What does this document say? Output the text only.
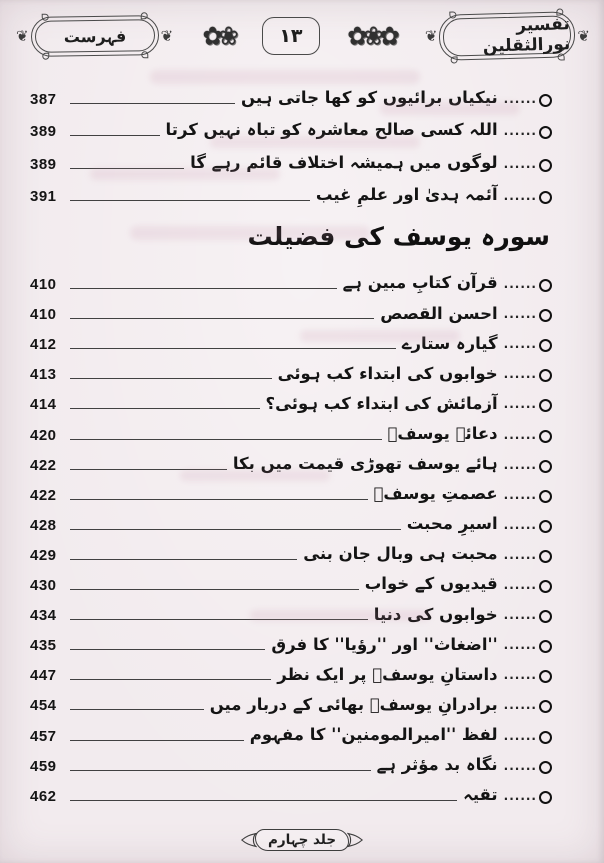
❦	فہرست	❦ ✿❀ ۱۳ ✿❀✿ ❦	تفسیر نورالثقلین ❦
387	نیکیاں برائیوں کو کھا جاتی ہیں ......
389	اللہ کسی صالح معاشرہ کو تباہ نہیں کرتا ......
389	لوگوں میں ہمیشہ اختلاف قائم رہے گا ......
391	آئمہ ہدیٰ اور علمِ غیب ......
سورہ یوسف کی فضیلت
410	قرآن کتابِ مبین ہے ......
410	احسن القصص ......
412	گیارہ ستارے ......
413	خوابوں کی ابتداء کب ہوئی ......
414	آزمائش کی ابتداء کب ہوئی؟ ......
420	دعائے یوسفؑ ......
422	ہائے یوسف تھوڑی قیمت میں بکا ......
422	عصمتِ یوسفؑ ......
428	اسیرِ محبت ......
429	محبت ہی وبال جان بنی ......
430	قیدیوں کے خواب ......
434	خوابوں کی دنیا ......
435	''اضغاث'' اور ''رؤیا'' کا فرق ......
447	داستانِ یوسفؑ پر ایک نظر ......
454	برادرانِ یوسفؑ بھائی کے دربار میں ......
457	لفظ ''امیرالمومنین'' کا مفہوم ......
459	نگاہ بد مؤثر ہے ......
462	تقیہ ......
جلد چہارم
